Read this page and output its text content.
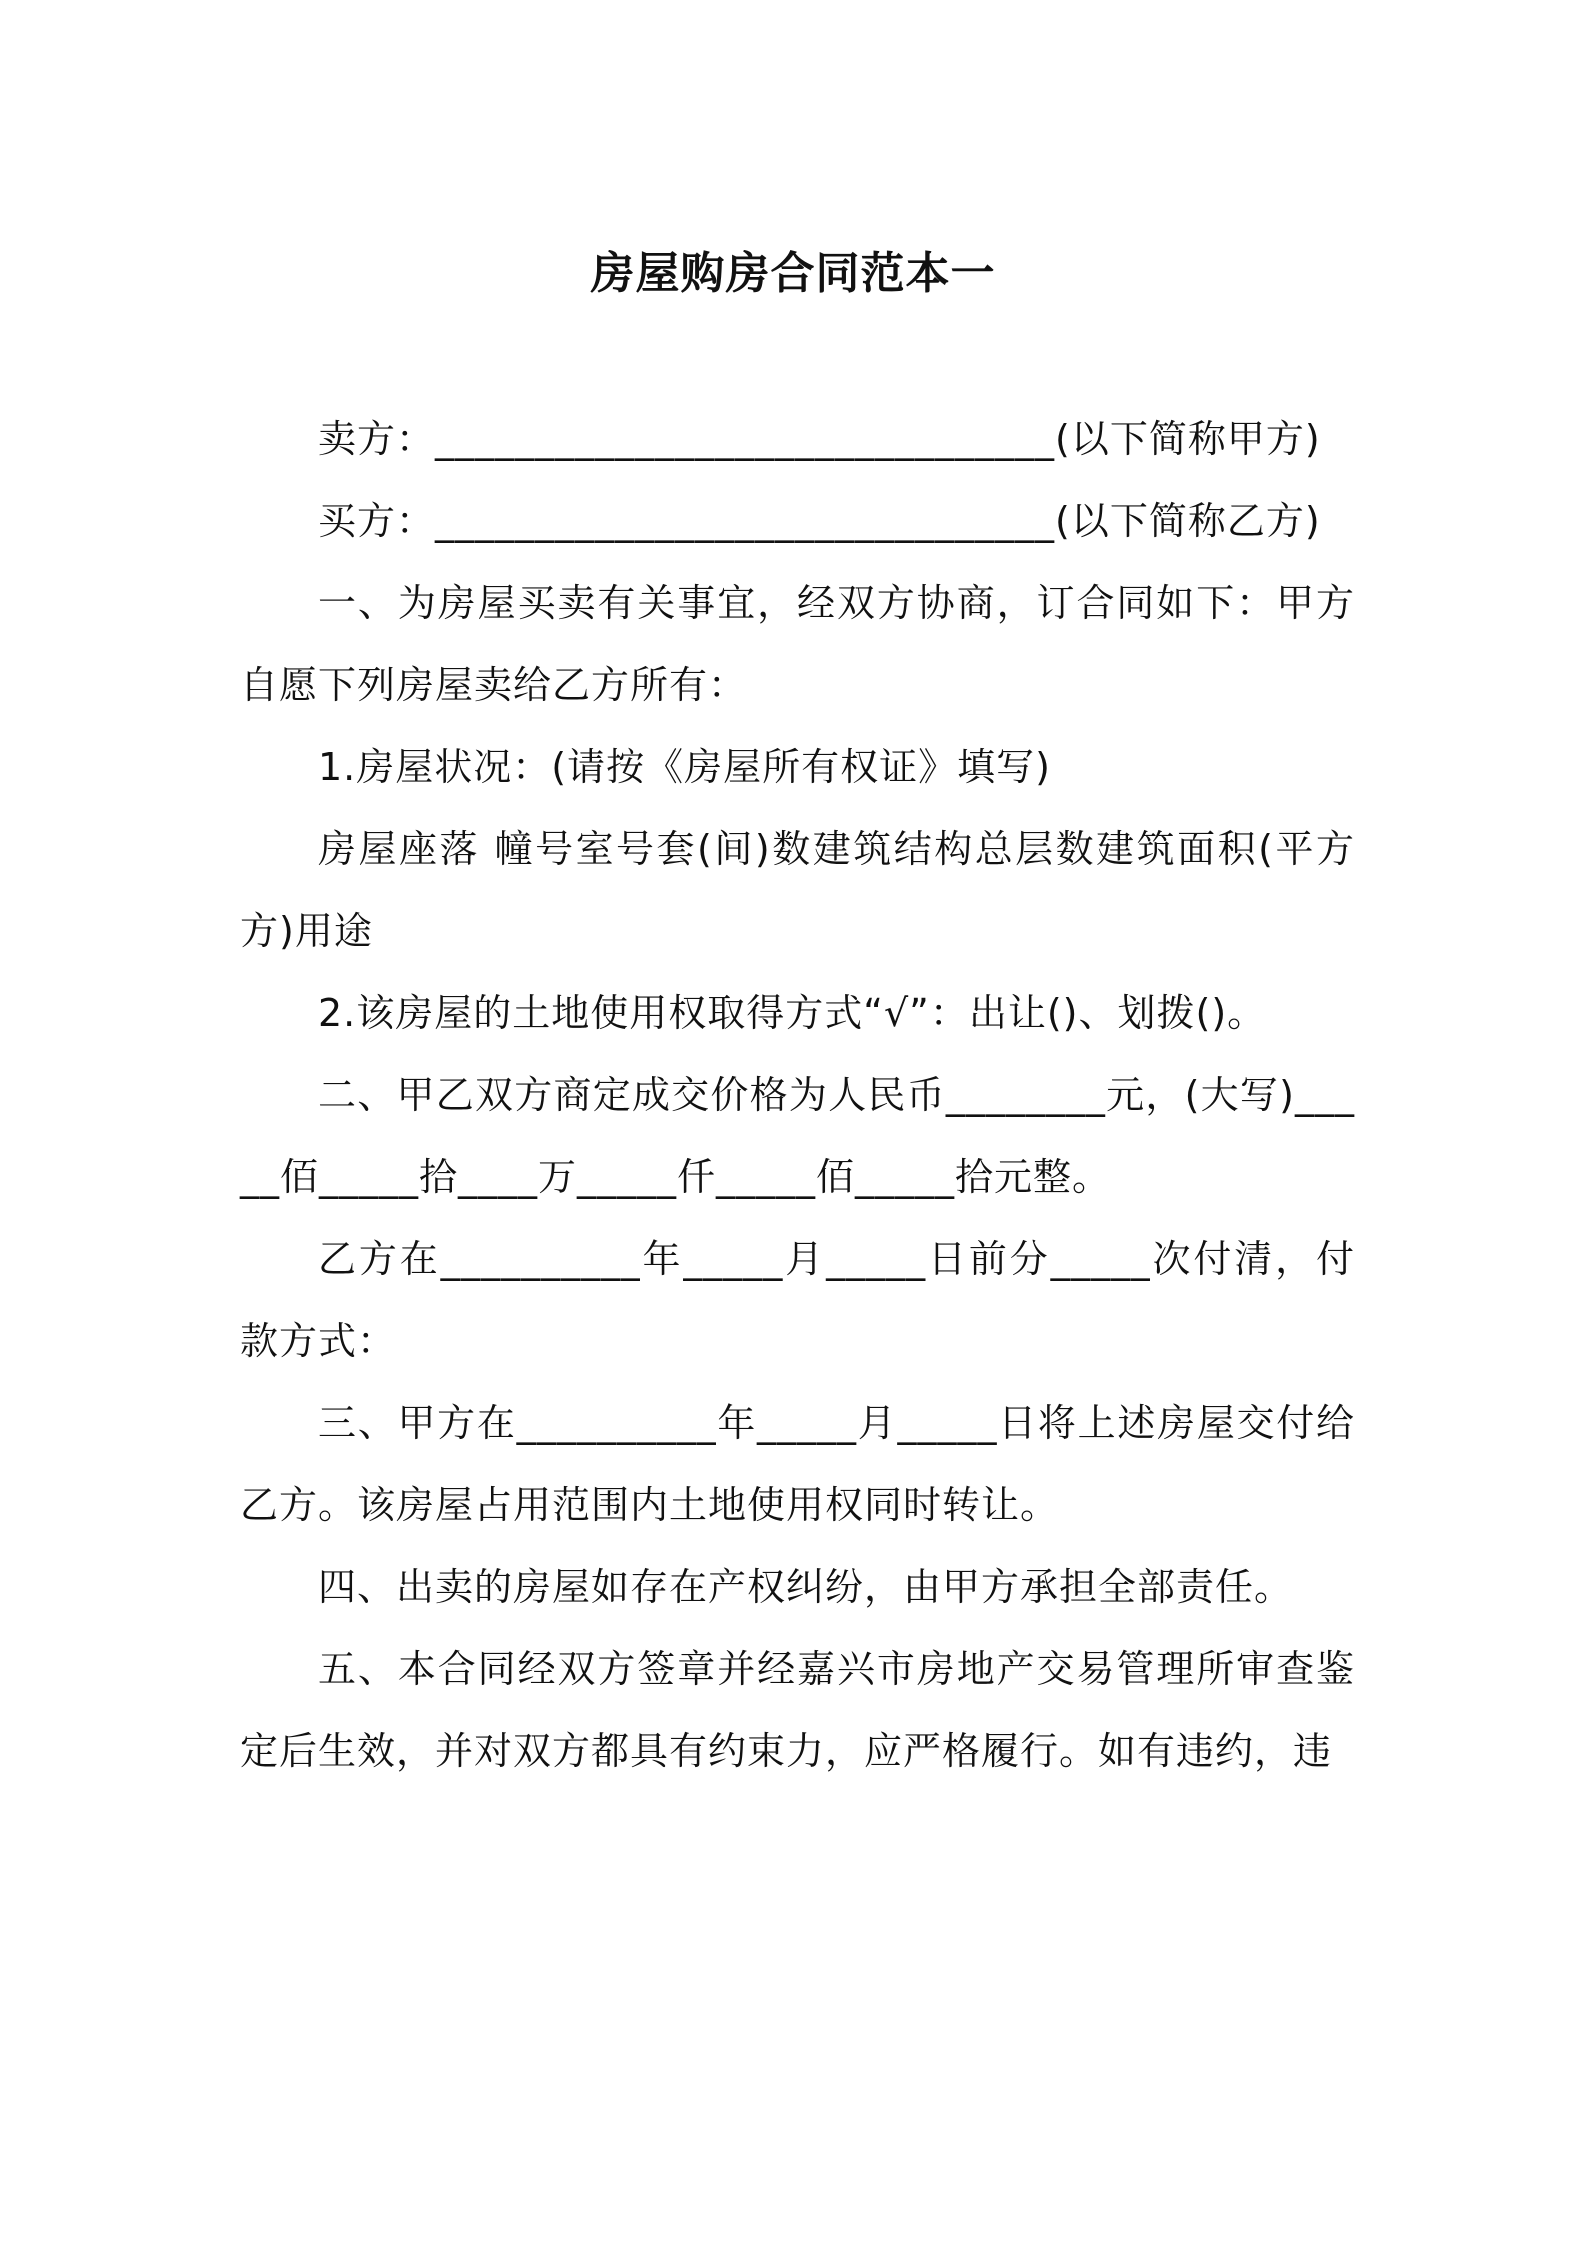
房屋购房合同范本一

卖方：_______________________________(以下简称甲方)

买方：_______________________________(以下简称乙方)

一、为房屋买卖有关事宜，经双方协商，订合同如下：甲方自愿下列房屋卖给乙方所有：

1.房屋状况：(请按《房屋所有权证》填写)

房屋座落 幢号室号套(间)数建筑结构总层数建筑面积(平方方)用途

2.该房屋的土地使用权取得方式“√”：出让()、划拨()。

二、甲乙双方商定成交价格为人民币________元，(大写)_____佰_____拾____万_____仟_____佰_____拾元整。

乙方在__________年_____月_____日前分_____次付清，付款方式：

三、甲方在__________年_____月_____日将上述房屋交付给乙方。该房屋占用范围内土地使用权同时转让。

四、出卖的房屋如存在产权纠纷，由甲方承担全部责任。

五、本合同经双方签章并经嘉兴市房地产交易管理所审查鉴定后生效，并对双方都具有约束力，应严格履行。如有违约，违
